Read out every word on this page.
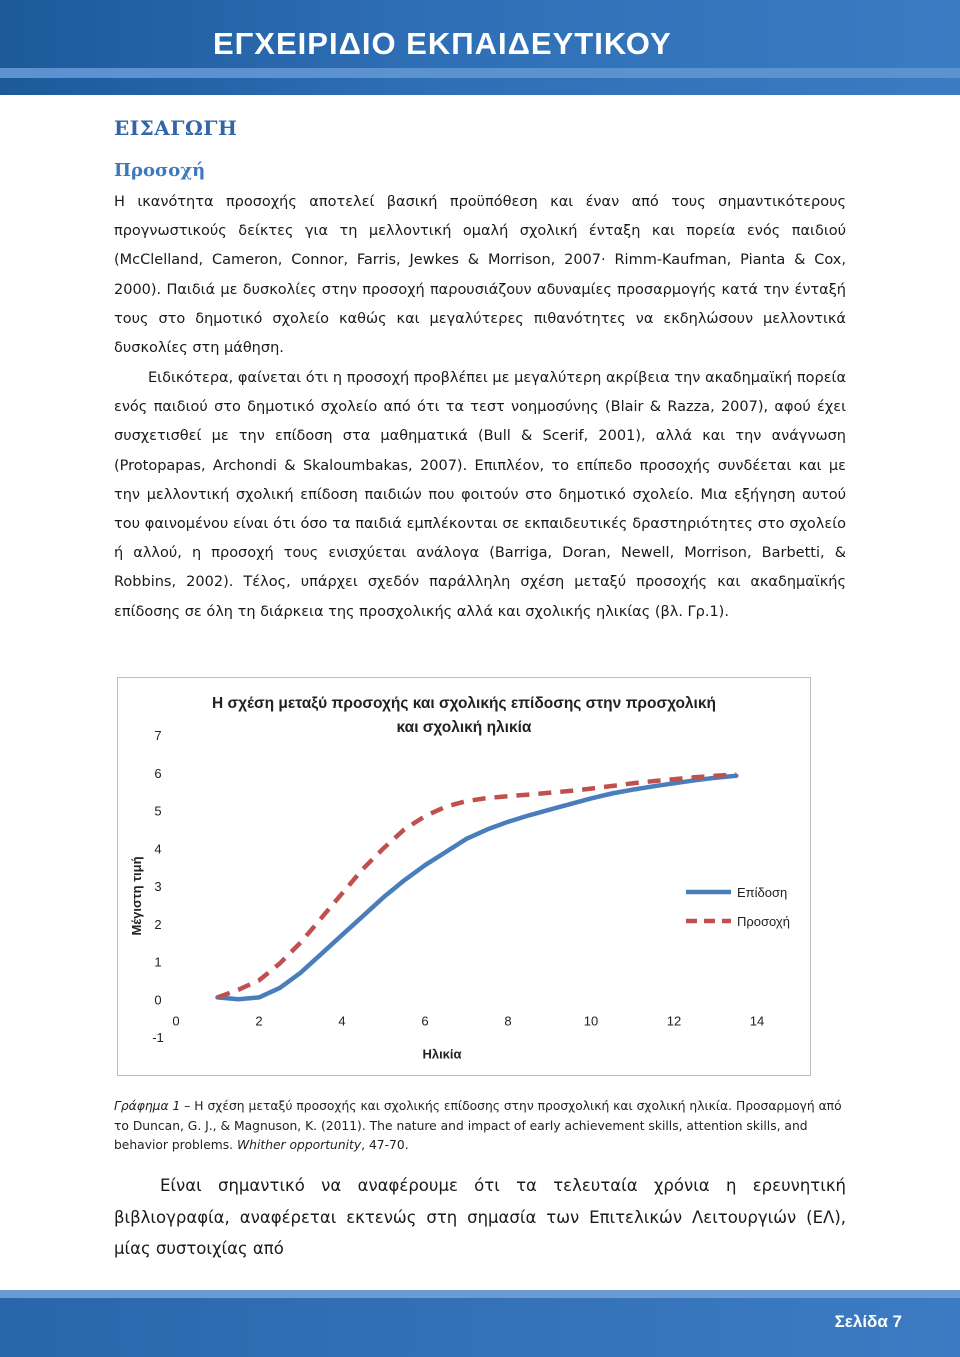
ΕΓΧΕΙΡΙΔΙΟ ΕΚΠΑΙΔΕΥΤΙΚΟΥ
ΕΙΣΑΓΩΓΗ
Προσοχή
Η ικανότητα προσοχής αποτελεί βασική προϋπόθεση και έναν από τους σημαντικότερους προγνωστικούς δείκτες για τη μελλοντική ομαλή σχολική ένταξη και πορεία ενός παιδιού (McClelland, Cameron, Connor, Farris, Jewkes & Morrison, 2007· Rimm-Kaufman, Pianta & Cox, 2000). Παιδιά με δυσκολίες στην προσοχή παρουσιάζουν αδυναμίες προσαρμογής κατά την ένταξή τους στο δημοτικό σχολείο καθώς και μεγαλύτερες πιθανότητες να εκδηλώσουν μελλοντικά δυσκολίες στη μάθηση.
Ειδικότερα, φαίνεται ότι η προσοχή προβλέπει με μεγαλύτερη ακρίβεια την ακαδημαϊκή πορεία ενός παιδιού στο δημοτικό σχολείο από ότι τα τεστ νοημοσύνης (Blair & Razza, 2007), αφού έχει συσχετισθεί με την επίδοση στα μαθηματικά (Bull & Scerif, 2001), αλλά και την ανάγνωση (Protopapas, Archondi & Skaloumbakas, 2007). Επιπλέον, το επίπεδο προσοχής συνδέεται και με την μελλοντική σχολική επίδοση παιδιών που φοιτούν στο δημοτικό σχολείο. Μια εξήγηση αυτού του φαινομένου είναι ότι όσο τα παιδιά εμπλέκονται σε εκπαιδευτικές δραστηριότητες στο σχολείο ή αλλού, η προσοχή τους ενισχύεται ανάλογα (Barriga, Doran, Newell, Morrison, Barbetti, & Robbins, 2002). Τέλος, υπάρχει σχεδόν παράλληλη σχέση μεταξύ προσοχής και ακαδημαϊκής επίδοσης σε όλη τη διάρκεια της προσχολικής αλλά και σχολικής ηλικίας (βλ. Γρ.1).
Η σχέση μεταξύ προσοχής και σχολικής επίδοσης στην προσχολική
και σχολική ηλικία
-1
0
1
2
3
4
5
6
7
0	2	4	6	8	10	12	14
Ηλικία
Μέγιστη τιμή	Επίδοση
Προσοχή
Γράφημα 1 – Η σχέση μεταξύ προσοχής και σχολικής επίδοσης στην προσχολική και σχολική ηλικία. Προσαρμογή από το Duncan, G. J., & Magnuson, K. (2011). The nature and impact of early achievement skills, attention skills, and behavior problems. Whither opportunity, 47-70.
Είναι σημαντικό να αναφέρουμε ότι τα τελευταία χρόνια η ερευνητική βιβλιογραφία, αναφέρεται εκτενώς στη σημασία των Επιτελικών Λειτουργιών (ΕΛ), μίας συστοιχίας από
Σελίδα 7
